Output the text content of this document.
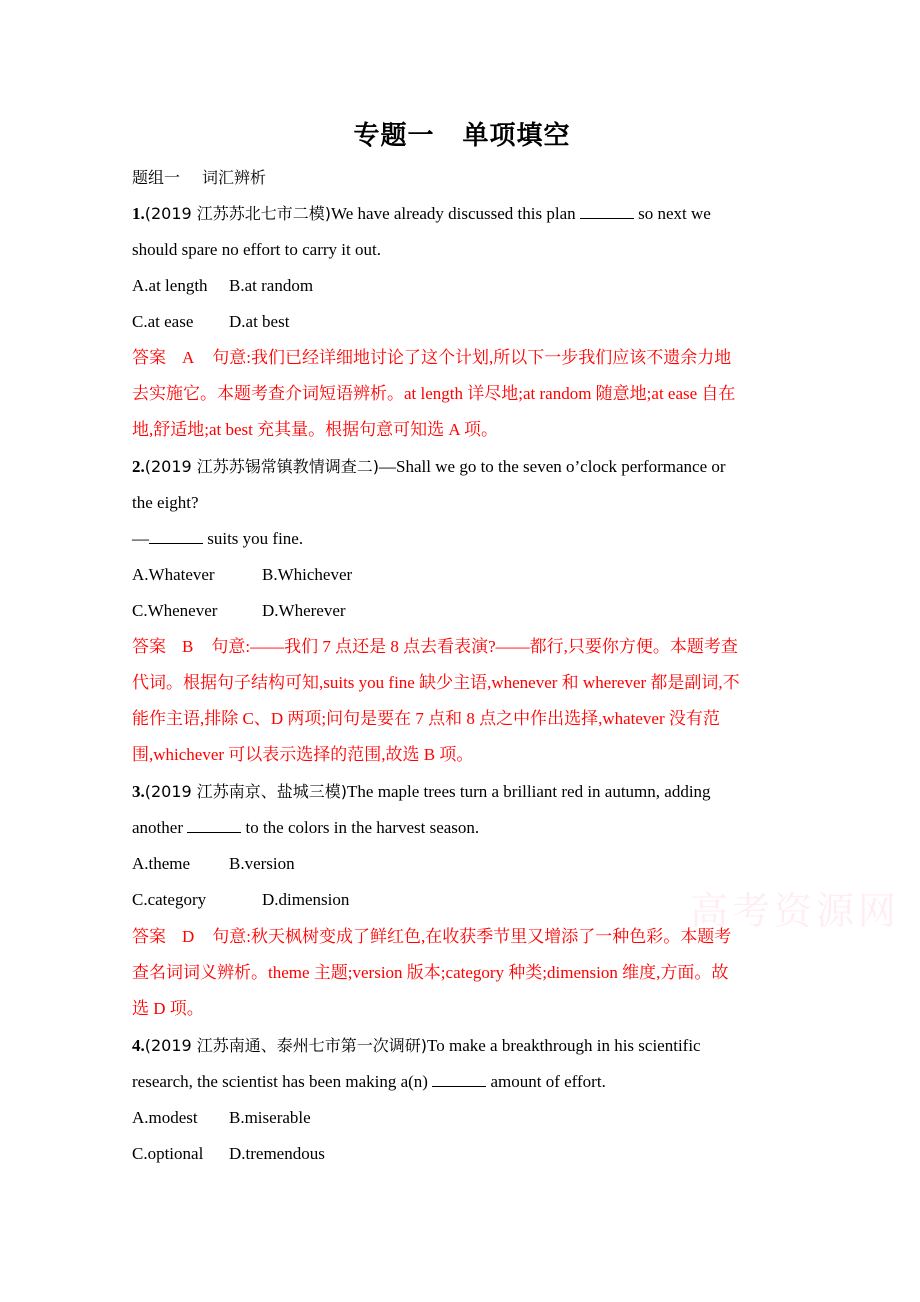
专题一 单项填空
题组一 词汇辨析
1.(2019 江苏苏北七市二模)We have already discussed this plan	so next we
should spare no effort to carry it out.
A.at length B.at random
C.at ease D.at best
答案 A 句意:我们已经详细地讨论了这个计划,所以下一步我们应该不遗余力地
去实施它。本题考查介词短语辨析。at length 详尽地;at random 随意地;at ease 自在
地,舒适地;at best 充其量。根据句意可知选 A 项。
2.(2019 江苏苏锡常镇教情调查二)—Shall we go to the seven o’clock performance or
the eight?
—	suits you fine.
A.Whatever	B.Whichever
C.Whenever	D.Wherever
答案 B 句意:——我们 7 点还是 8 点去看表演?——都行,只要你方便。本题考查
代词。根据句子结构可知,suits you fine 缺少主语,whenever 和 wherever 都是副词,不
能作主语,排除 C、D 两项;问句是要在 7 点和 8 点之中作出选择,whatever 没有范
围,whichever 可以表示选择的范围,故选 B 项。
3.(2019 江苏南京、盐城三模)The maple trees turn a brilliant red in autumn, adding
another	to the colors in the harvest season.
A.theme B.version
C.category	D.dimension
答案 D 句意:秋天枫树变成了鲜红色,在收获季节里又增添了一种色彩。本题考
查名词词义辨析。theme 主题;version 版本;category 种类;dimension 维度,方面。故
选 D 项。
4.(2019 江苏南通、泰州七市第一次调研)To make a breakthrough in his scientific
research, the scientist has been making a(n)	amount of effort.
A.modest B.miserable
C.optional D.tremendous
高考资源网
